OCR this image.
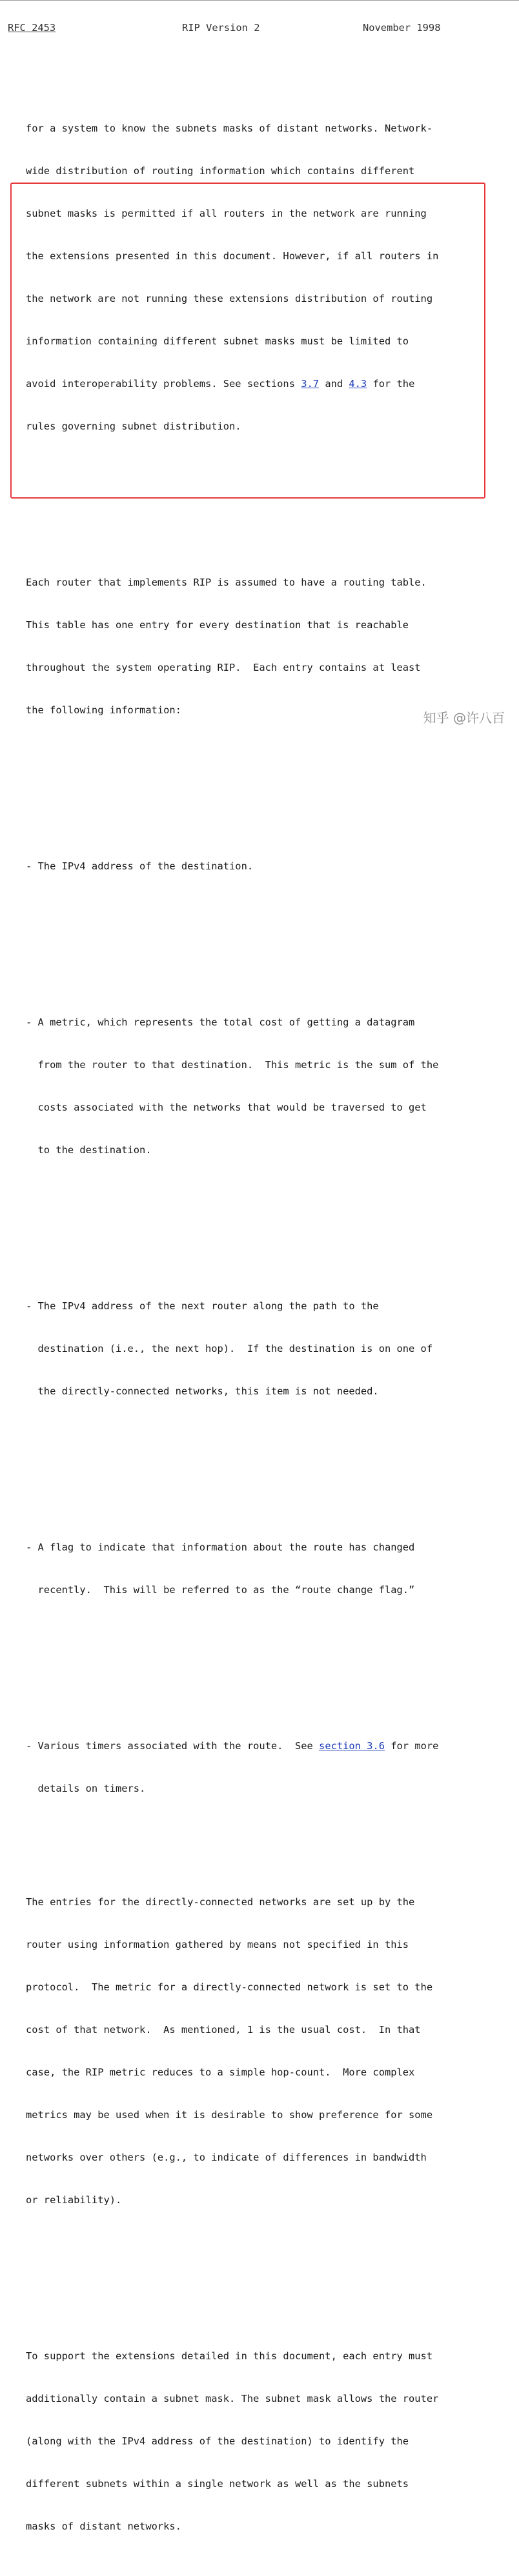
RFC 2453	RIP Version 2	November 1998

for a system to know the subnets masks of distant networks. Network-

wide distribution of routing information which contains different

subnet masks is permitted if all routers in the network are running

the extensions presented in this document. However, if all routers in

the network are not running these extensions distribution of routing

information containing different subnet masks must be limited to

avoid interoperability problems. See sections 3.7 and 4.3 for the

rules governing subnet distribution.

Each router that implements RIP is assumed to have a routing table.

This table has one entry for every destination that is reachable

throughout the system operating RIP.  Each entry contains at least

the following information:

- The IPv4 address of the destination.

- A metric, which represents the total cost of getting a datagram

from the router to that destination.  This metric is the sum of the

costs associated with the networks that would be traversed to get

to the destination.

- The IPv4 address of the next router along the path to the

destination (i.e., the next hop).  If the destination is on one of

the directly-connected networks, this item is not needed.

- A flag to indicate that information about the route has changed

recently.  This will be referred to as the “route change flag.”

- Various timers associated with the route.  See section 3.6 for more

details on timers.

The entries for the directly-connected networks are set up by the

router using information gathered by means not specified in this

protocol.  The metric for a directly-connected network is set to the

cost of that network.  As mentioned, 1 is the usual cost.  In that

case, the RIP metric reduces to a simple hop-count.  More complex

metrics may be used when it is desirable to show preference for some

networks over others (e.g., to indicate of differences in bandwidth

or reliability).

To support the extensions detailed in this document, each entry must

additionally contain a subnet mask. The subnet mask allows the router

(along with the IPv4 address of the destination) to identify the

different subnets within a single network as well as the subnets

masks of distant networks.

知乎 @许八百
